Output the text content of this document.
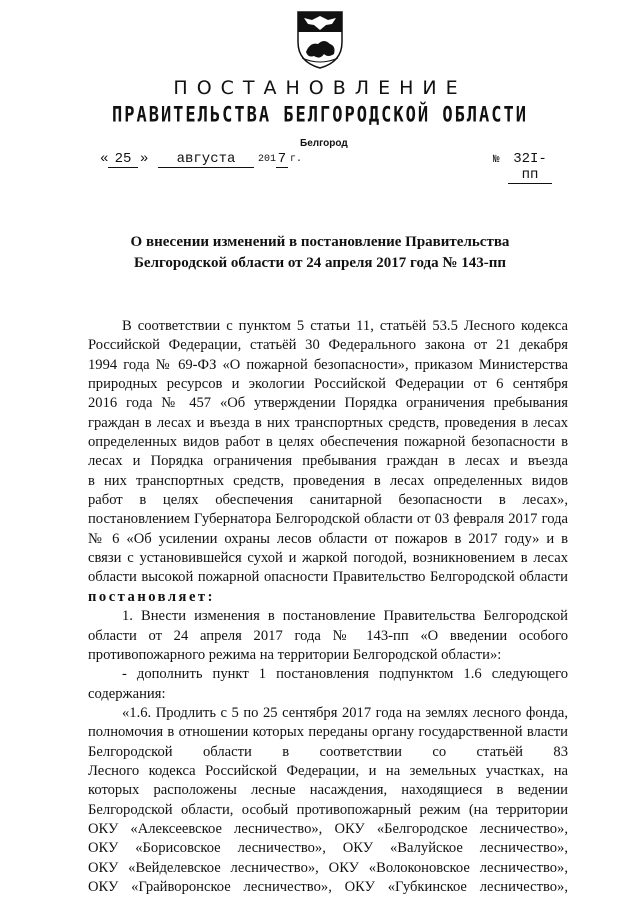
ПОСТАНОВЛЕНИЕ
ПРАВИТЕЛЬСТВА БЕЛГОРОДСКОЙ ОБЛАСТИ
Белгород
« 25 »	августа	201 7 г.	№ 32I-пп
О внесении изменений в постановление Правительства
Белгородской области от 24 апреля 2017 года № 143-пп
В соответствии с пунктом 5 статьи 11, статьёй 53.5 Лесного кодекса
Российской Федерации, статьёй 30 Федерального закона от 21 декабря
1994 года № 69-ФЗ «О пожарной безопасности», приказом Министерства
природных ресурсов и экологии Российской Федерации от 6 сентября
2016 года № 457 «Об утверждении Порядка ограничения пребывания
граждан в лесах и въезда в них транспортных средств, проведения в лесах
определенных видов работ в целях обеспечения пожарной безопасности в
лесах и Порядка ограничения пребывания граждан в лесах и въезда
в них транспортных средств, проведения в лесах определенных видов
работ в целях обеспечения санитарной безопасности в лесах»,
постановлением Губернатора Белгородской области от 03 февраля 2017 года
№ 6 «Об усилении охраны лесов области от пожаров в 2017 году» и в
связи с установившейся сухой и жаркой погодой, возникновением в лесах
области высокой пожарной опасности Правительство Белгородской области
постановляет:
1. Внести изменения в постановление Правительства Белгородской
области от 24 апреля 2017 года № 143-пп «О введении особого
противопожарного режима на территории Белгородской области»:
- дополнить пункт 1 постановления подпунктом 1.6 следующего
содержания:
«1.6. Продлить с 5 по 25 сентября 2017 года на землях лесного фонда,
полномочия в отношении которых переданы органу государственной власти
Белгородской области в соответствии со статьёй 83
Лесного кодекса Российской Федерации, и на земельных участках, на
которых расположены лесные насаждения, находящиеся в ведении
Белгородской области, особый противопожарный режим (на территории
ОКУ «Алексеевское лесничество», ОКУ «Белгородское лесничество»,
ОКУ «Борисовское лесничество», ОКУ «Валуйское лесничество»,
ОКУ «Вейделевское лесничество», ОКУ «Волоконовское лесничество»,
ОКУ «Грайворонское лесничество», ОКУ «Губкинское лесничество»,
